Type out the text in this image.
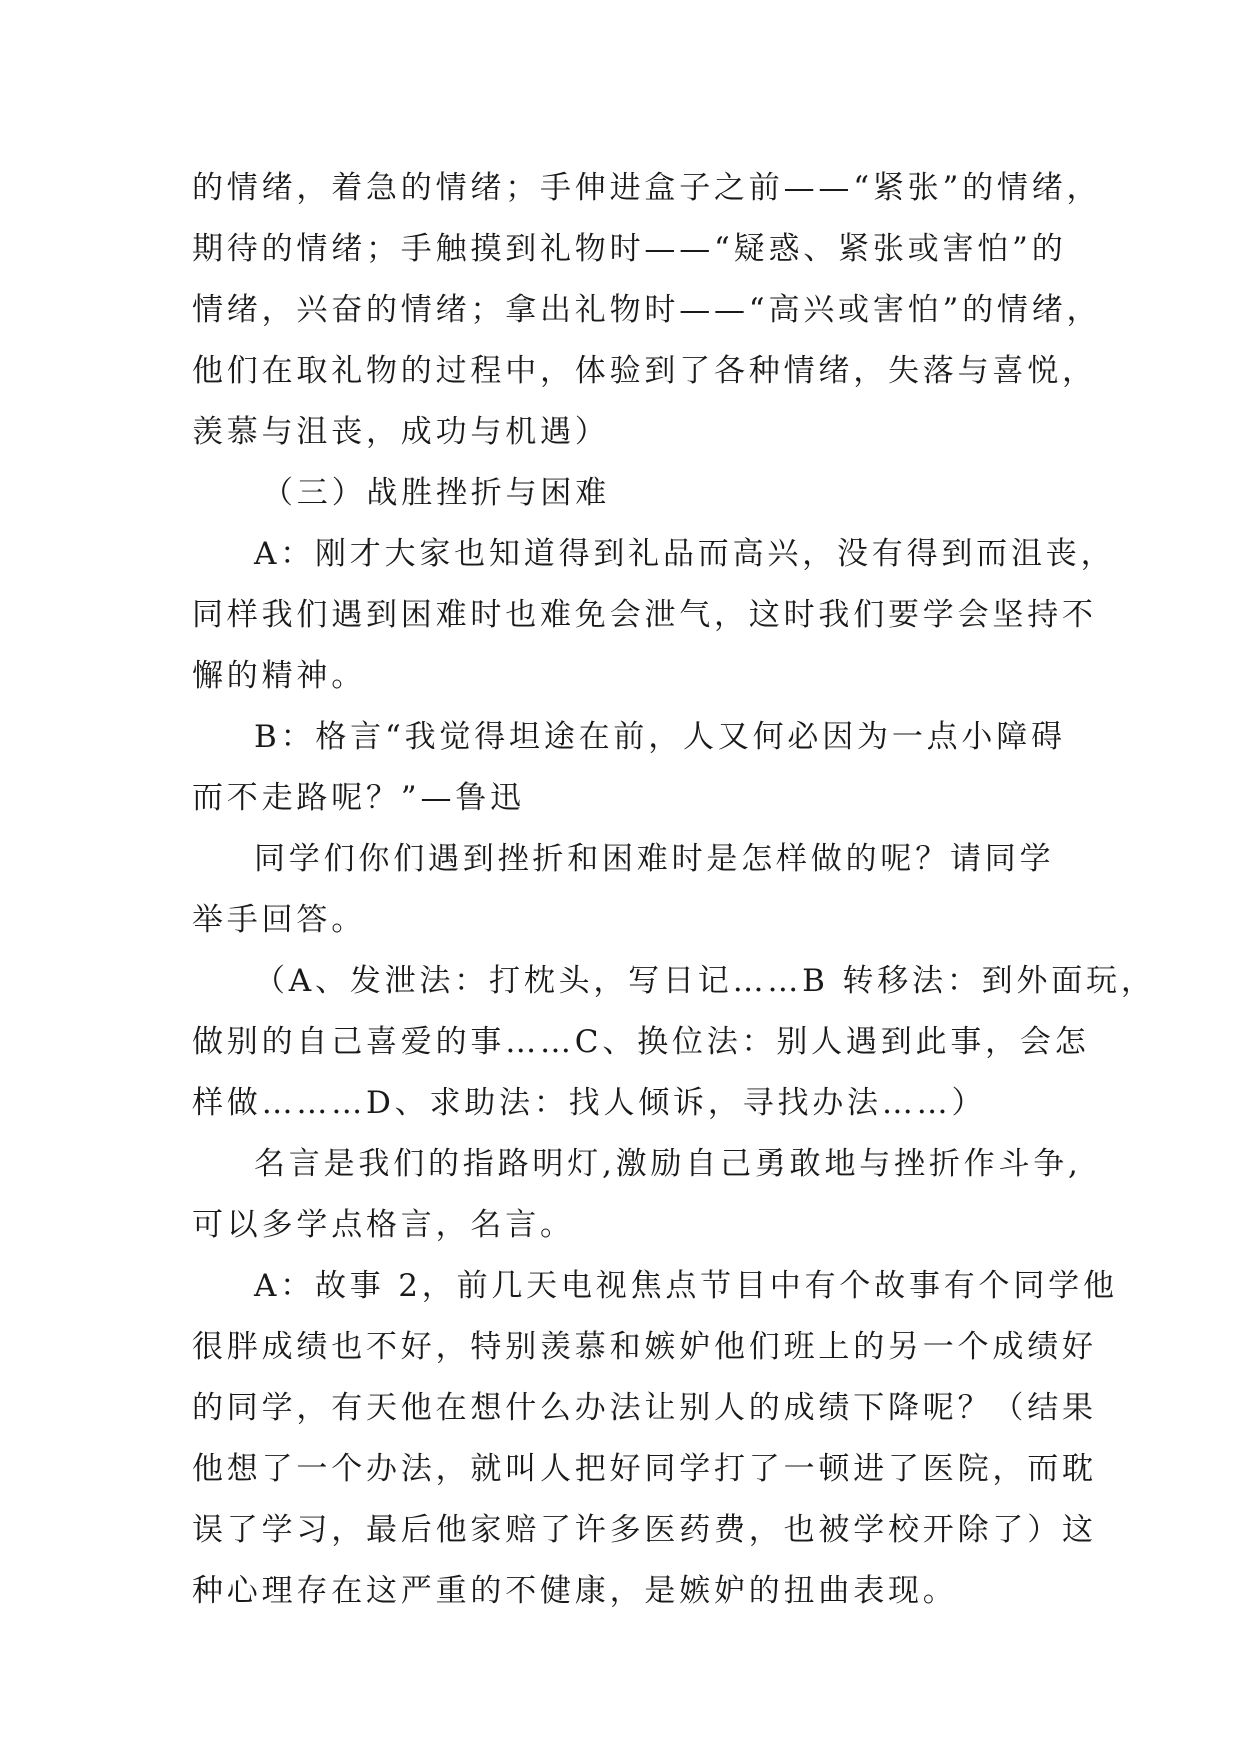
的情绪，着急的情绪；手伸进盒子之前——“紧张”的情绪，
期待的情绪；手触摸到礼物时——“疑惑、紧张或害怕”的
情绪，兴奋的情绪；拿出礼物时——“高兴或害怕”的情绪，
他们在取礼物的过程中，体验到了各种情绪，失落与喜悦，
羡慕与沮丧，成功与机遇）

（三）战胜挫折与困难

A：刚才大家也知道得到礼品而高兴，没有得到而沮丧，
同样我们遇到困难时也难免会泄气，这时我们要学会坚持不
懈的精神。

B：格言“我觉得坦途在前，人又何必因为一点小障碍
而不走路呢？”—鲁迅

同学们你们遇到挫折和困难时是怎样做的呢？请同学
举手回答。

（A、发泄法：打枕头，写日记……B 转移法：到外面玩，
做别的自己喜爱的事……C、换位法：别人遇到此事，会怎
样做………D、求助法：找人倾诉，寻找办法……）

名言是我们的指路明灯,激励自己勇敢地与挫折作斗争,
可以多学点格言，名言。

A：故事 2，前几天电视焦点节目中有个故事有个同学他
很胖成绩也不好，特别羡慕和嫉妒他们班上的另一个成绩好
的同学，有天他在想什么办法让别人的成绩下降呢？（结果
他想了一个办法，就叫人把好同学打了一顿进了医院，而耽
误了学习，最后他家赔了许多医药费，也被学校开除了）这
种心理存在这严重的不健康，是嫉妒的扭曲表现。
